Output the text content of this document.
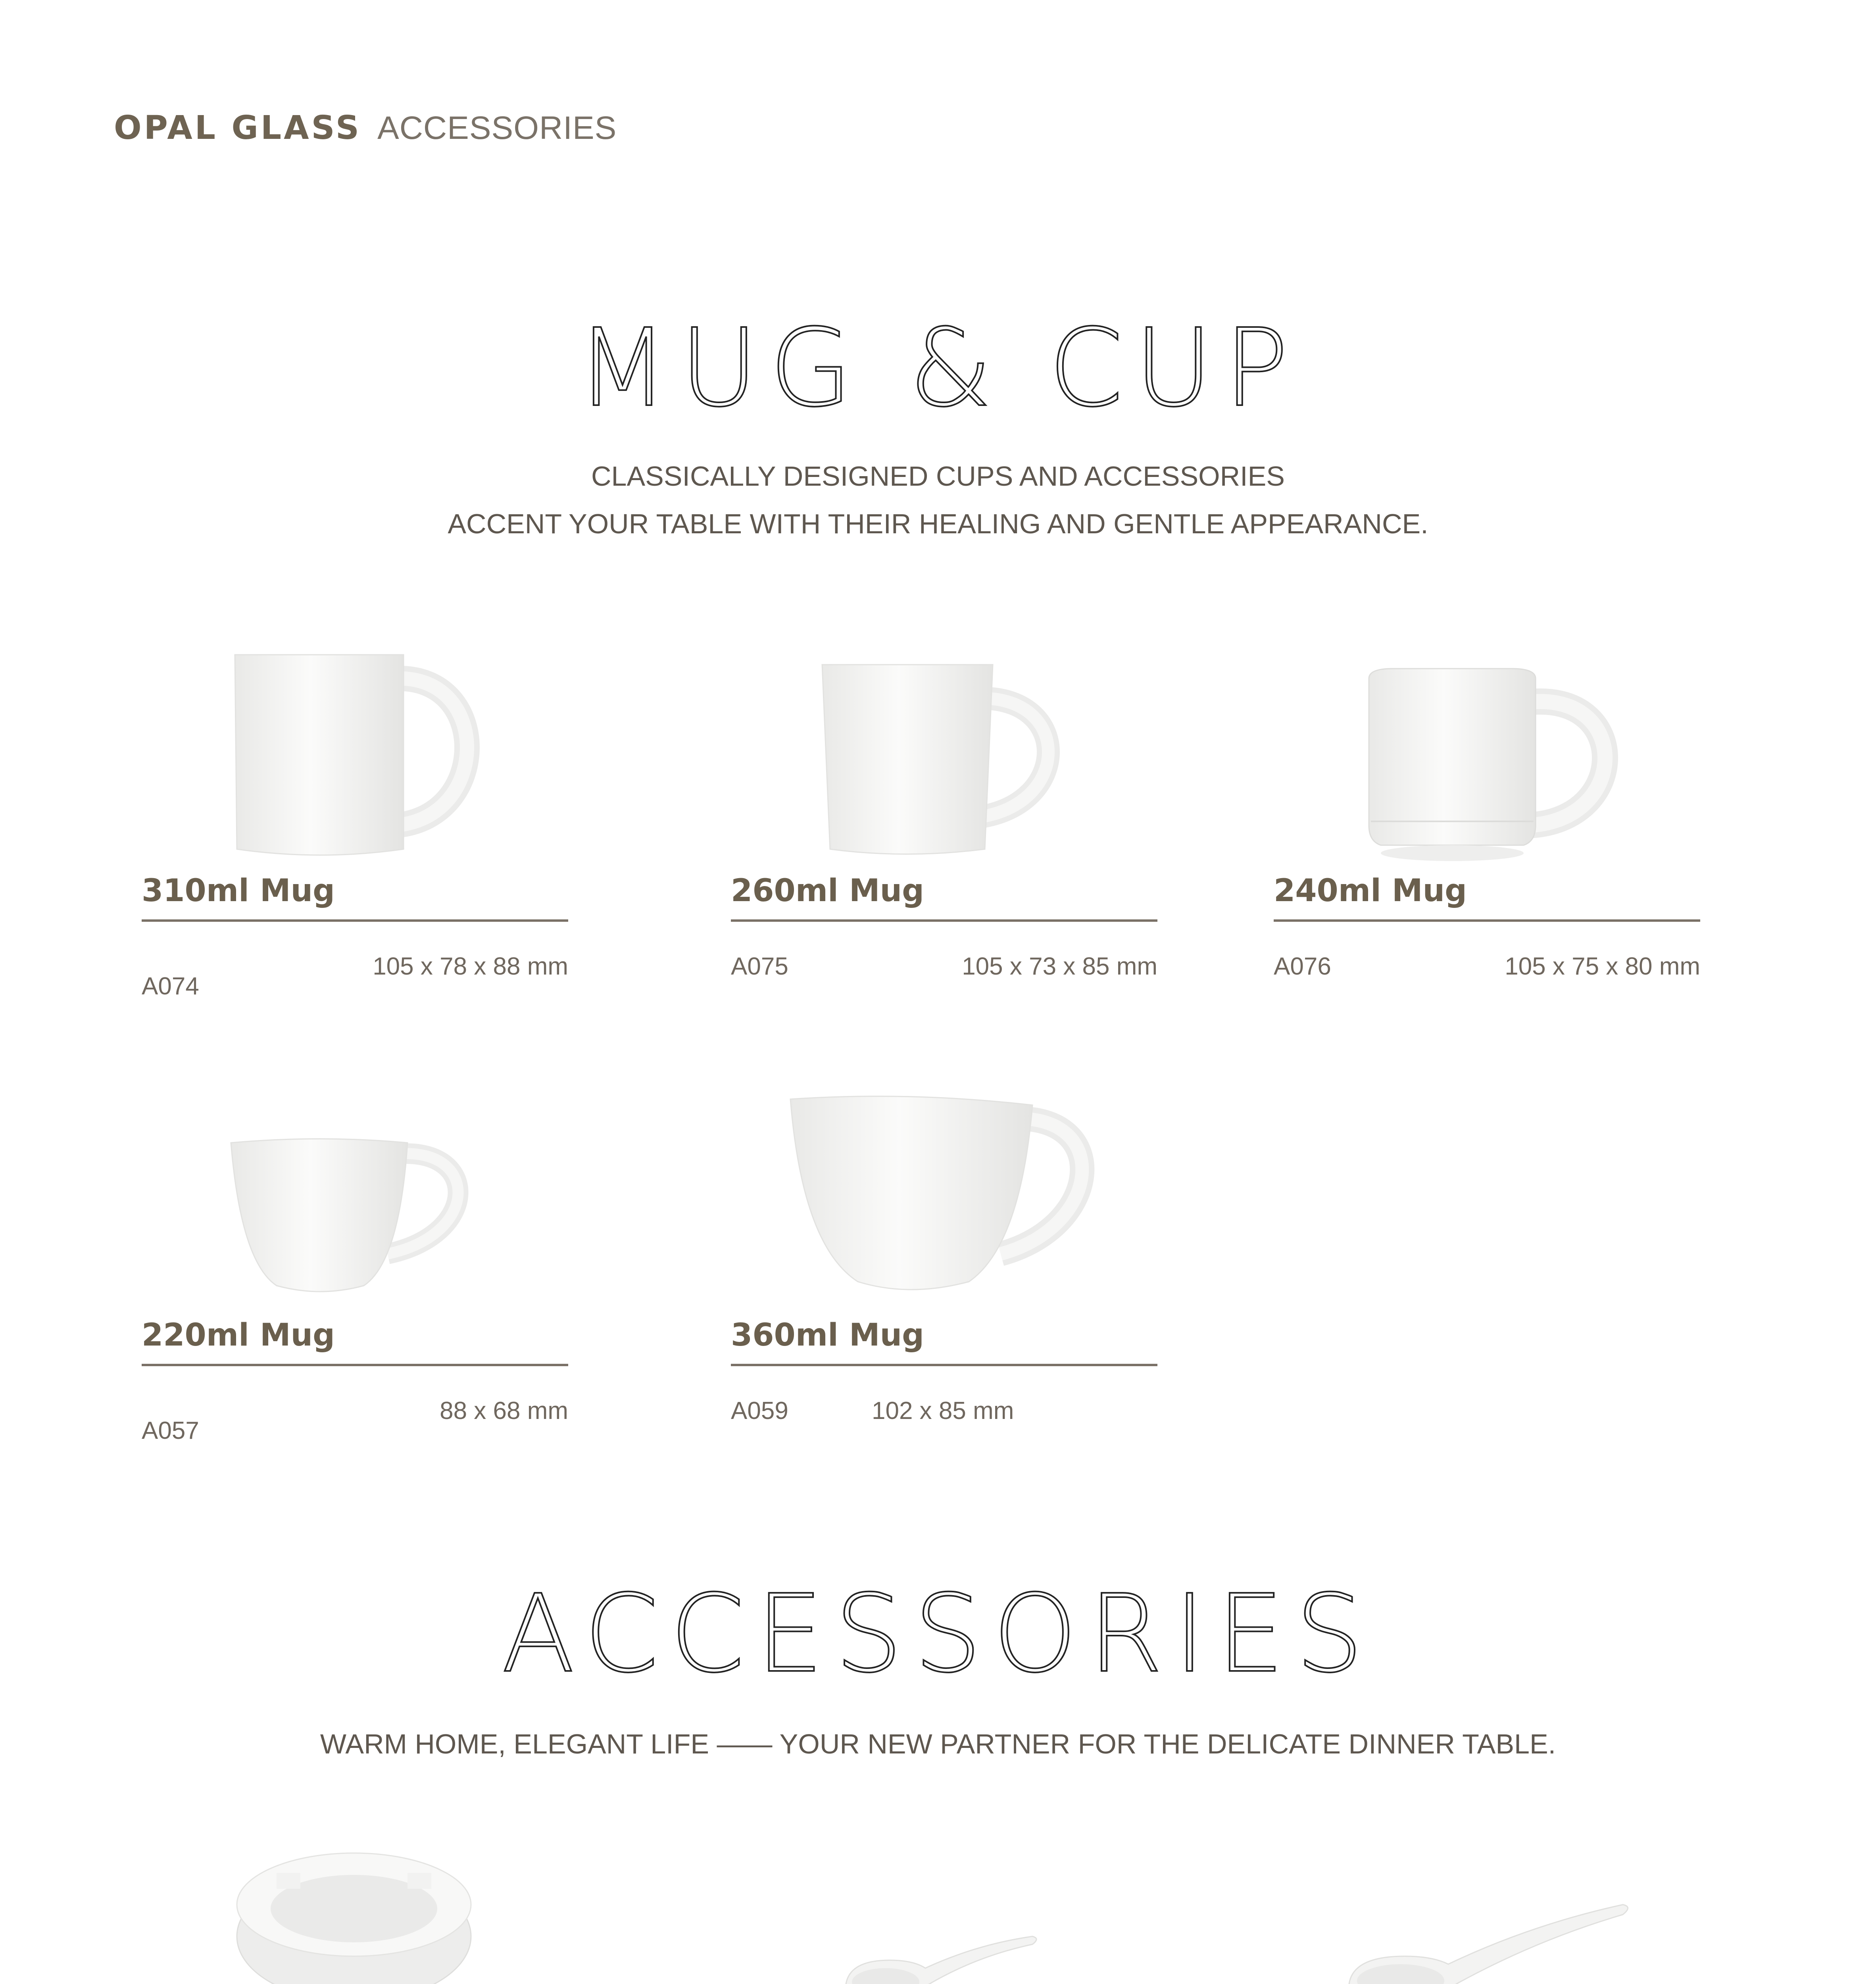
OPAL GLASS ACCESSORIES
MUG & CUP
CLASSICALLY DESIGNED CUPS AND ACCESSORIES
ACCENT YOUR TABLE WITH THEIR HEALING AND GENTLE APPEARANCE.
310ml Mug
A074
105 x 78 x 88 mm
260ml Mug
A075	105 x 73 x 85 mm
240ml Mug
A076	105 x 75 x 80 mm
220ml Mug
A057
88 x 68 mm
360ml Mug
A059	102 x 85 mm
ACCESSORIES
WARM HOME, ELEGANT LIFE —— YOUR NEW PARTNER FOR THE DELICATE DINNER TABLE.
